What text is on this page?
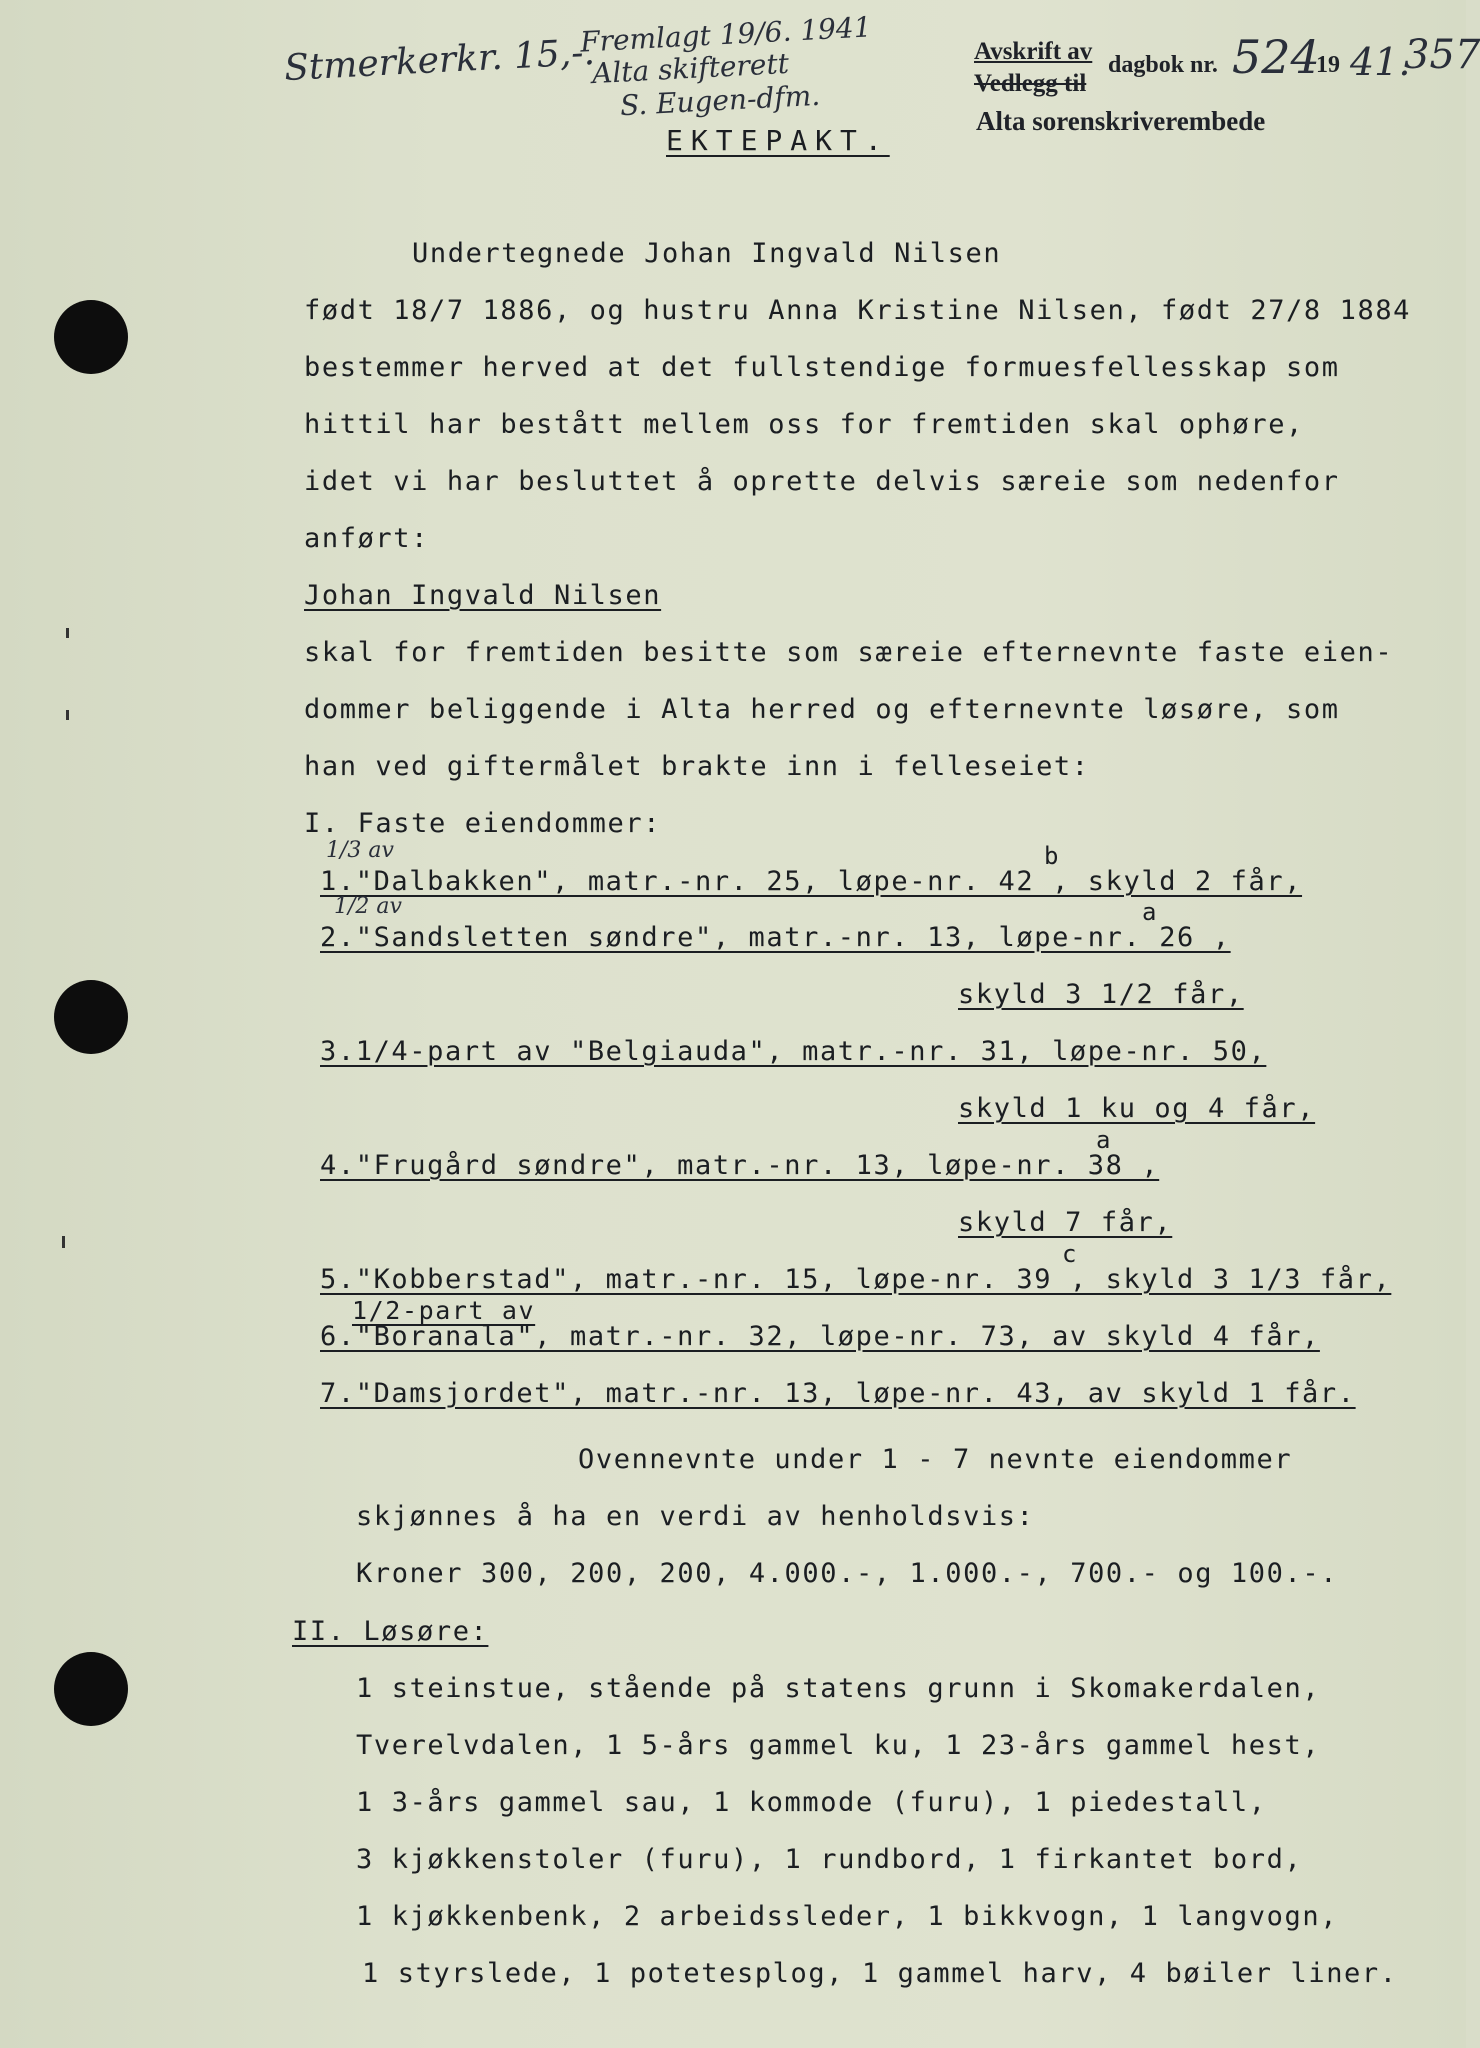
Stmerkerkr. 15,-.
Fremlagt 19/6. 1941
Alta skifterett
S. Eugen-dfm.
Avskrift av
Vedlegg til
dagbok nr. 524
19 41.
357
Alta sorenskriverembede
EKTEPAKT.
Undertegnede Johan Ingvald Nilsen
født 18/7 1886, og hustru Anna Kristine Nilsen, født 27/8 1884
bestemmer herved at det fullstendige formuesfellesskap som
hittil har bestått mellem oss for fremtiden skal ophøre,
idet vi har besluttet å oprette delvis særeie som nedenfor
anført:
Johan Ingvald Nilsen
skal for fremtiden besitte som særeie efternevnte faste eien-
dommer beliggende i Alta herred og efternevnte løsøre, som
han ved giftermålet brakte inn i felleseiet:
I. Faste eiendommer:
1/3 av	b
1."Dalbakken", matr.-nr. 25, løpe-nr. 42 , skyld 2 får,
1/2 av	a
2."Sandsletten søndre", matr.-nr. 13, løpe-nr. 26 ,
skyld 3 1/2 får,
3.1/4-part av "Belgiauda", matr.-nr. 31, løpe-nr. 50,
skyld 1 ku og 4 får,
a
4."Frugård søndre", matr.-nr. 13, løpe-nr. 38 ,
skyld 7 får,
c
5."Kobberstad", matr.-nr. 15, løpe-nr. 39 , skyld 3 1/3 får,
1/2-part av
6."Boranala", matr.-nr. 32, løpe-nr. 73, av skyld 4 får,
7."Damsjordet", matr.-nr. 13, løpe-nr. 43, av skyld 1 får.
Ovennevnte under 1 - 7 nevnte eiendommer
skjønnes å ha en verdi av henholdsvis:
Kroner 300, 200, 200, 4.000.-, 1.000.-, 700.- og 100.-.
II. Løsøre:
1 steinstue, stående på statens grunn i Skomakerdalen,
Tverelvdalen, 1 5-års gammel ku, 1 23-års gammel hest,
1 3-års gammel sau, 1 kommode (furu), 1 piedestall,
3 kjøkkenstoler (furu), 1 rundbord, 1 firkantet bord,
1 kjøkkenbenk, 2 arbeidssleder, 1 bikkvogn, 1 langvogn,
1 styrslede, 1 potetesplog, 1 gammel harv, 4 bøiler liner.
